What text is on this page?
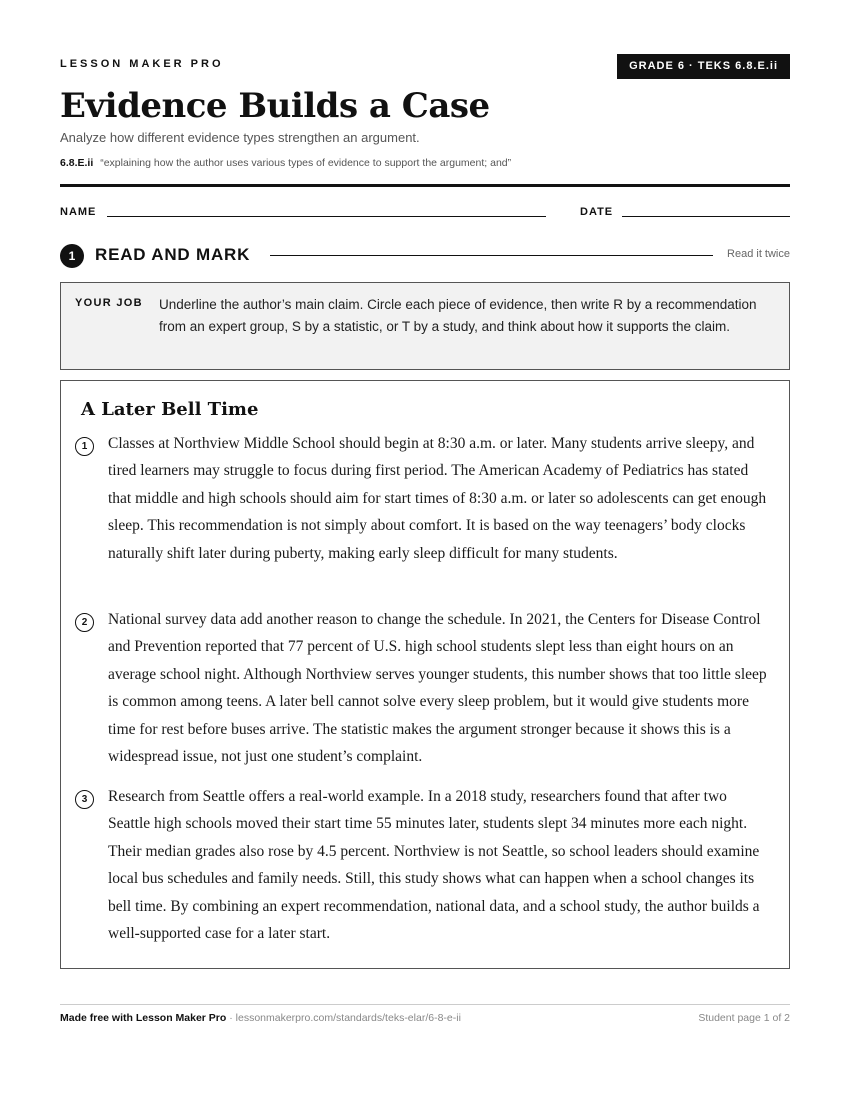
LESSON MAKER PRO	GRADE 6 · TEKS 6.8.E.ii
Evidence Builds a Case
Analyze how different evidence types strengthen an argument.
6.8.E.ii “explaining how the author uses various types of evidence to support the argument; and”
NAME	DATE
1	READ AND MARK	Read it twice
YOUR JOB Underline the author’s main claim. Circle each piece of evidence, then write R by a recommendation from an expert group, S by a statistic, or T by a study, and think about how it supports the claim.
A Later Bell Time
1	Classes at Northview Middle School should begin at 8:30 a.m. or later. Many students arrive sleepy, and tired learners may struggle to focus during first period. The American Academy of Pediatrics has stated that middle and high schools should aim for start times of 8:30 a.m. or later so adolescents can get enough sleep. This recommendation is not simply about comfort. It is based on the way teenagers’ body clocks naturally shift later during puberty, making early sleep difficult for many students.

2	National survey data add another reason to change the schedule. In 2021, the Centers for Disease Control and Prevention reported that 77 percent of U.S. high school students slept less than eight hours on an average school night. Although Northview serves younger students, this number shows that too little sleep is common among teens. A later bell cannot solve every sleep problem, but it would give students more time for rest before buses arrive. The statistic makes the argument stronger because it shows this is a widespread issue, not just one student’s complaint.

3	Research from Seattle offers a real-world example. In a 2018 study, researchers found that after two Seattle high schools moved their start time 55 minutes later, students slept 34 minutes more each night. Their median grades also rose by 4.5 percent. Northview is not Seattle, so school leaders should examine local bus schedules and family needs. Still, this study shows what can happen when a school changes its bell time. By combining an expert recommendation, national data, and a school study, the author builds a well-supported case for a later start.

Made free with Lesson Maker Pro · lessonmakerpro.com/standards/teks-elar/6-8-e-ii	Student page 1 of 2
